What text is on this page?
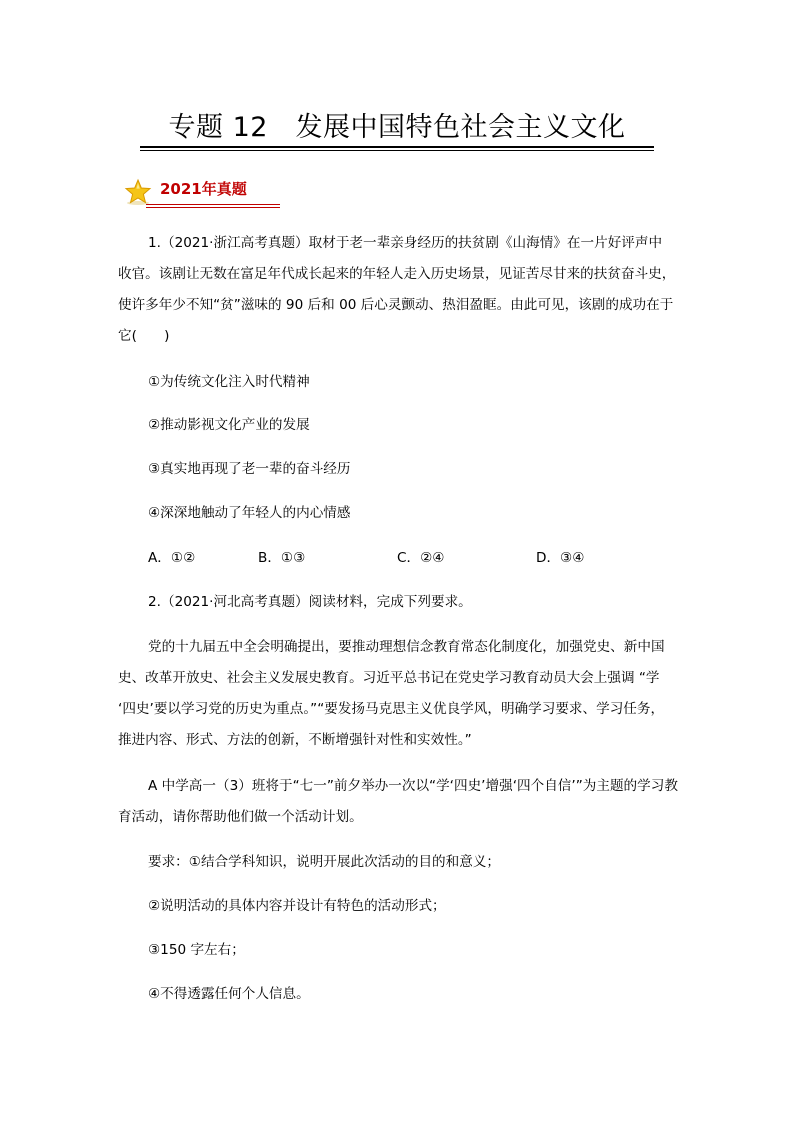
专题 12　发展中国特色社会主义文化
2021年真题
1.（2021·浙江高考真题）取材于老一辈亲身经历的扶贫剧《山海情》在一片好评声中
收官。该剧让无数在富足年代成长起来的年轻人走入历史场景，见证苦尽甘来的扶贫奋斗史，
使许多年少不知“贫”滋味的 90 后和 00 后心灵颤动、热泪盈眶。由此可见，该剧的成功在于
它(　　)
①为传统文化注入时代精神
②推动影视文化产业的发展
③真实地再现了老一辈的奋斗经历
④深深地触动了年轻人的内心情感
A．①②	B．①③	C．②④	D．③④
2.（2021·河北高考真题）阅读材料，完成下列要求。
党的十九届五中全会明确提出，要推动理想信念教育常态化制度化，加强党史、新中国
史、改革开放史、社会主义发展史教育。习近平总书记在党史学习教育动员大会上强调 “学
‘四史’要以学习党的历史为重点。”“要发扬马克思主义优良学风，明确学习要求、学习任务，
推进内容、形式、方法的创新，不断增强针对性和实效性。”
A 中学高一（3）班将于“七一”前夕举办一次以“学‘四史’增强‘四个自信’”为主题的学习教
育活动，请你帮助他们做一个活动计划。
要求：①结合学科知识，说明开展此次活动的目的和意义；
②说明活动的具体内容并设计有特色的活动形式；
③150 字左右；
④不得透露任何个人信息。
